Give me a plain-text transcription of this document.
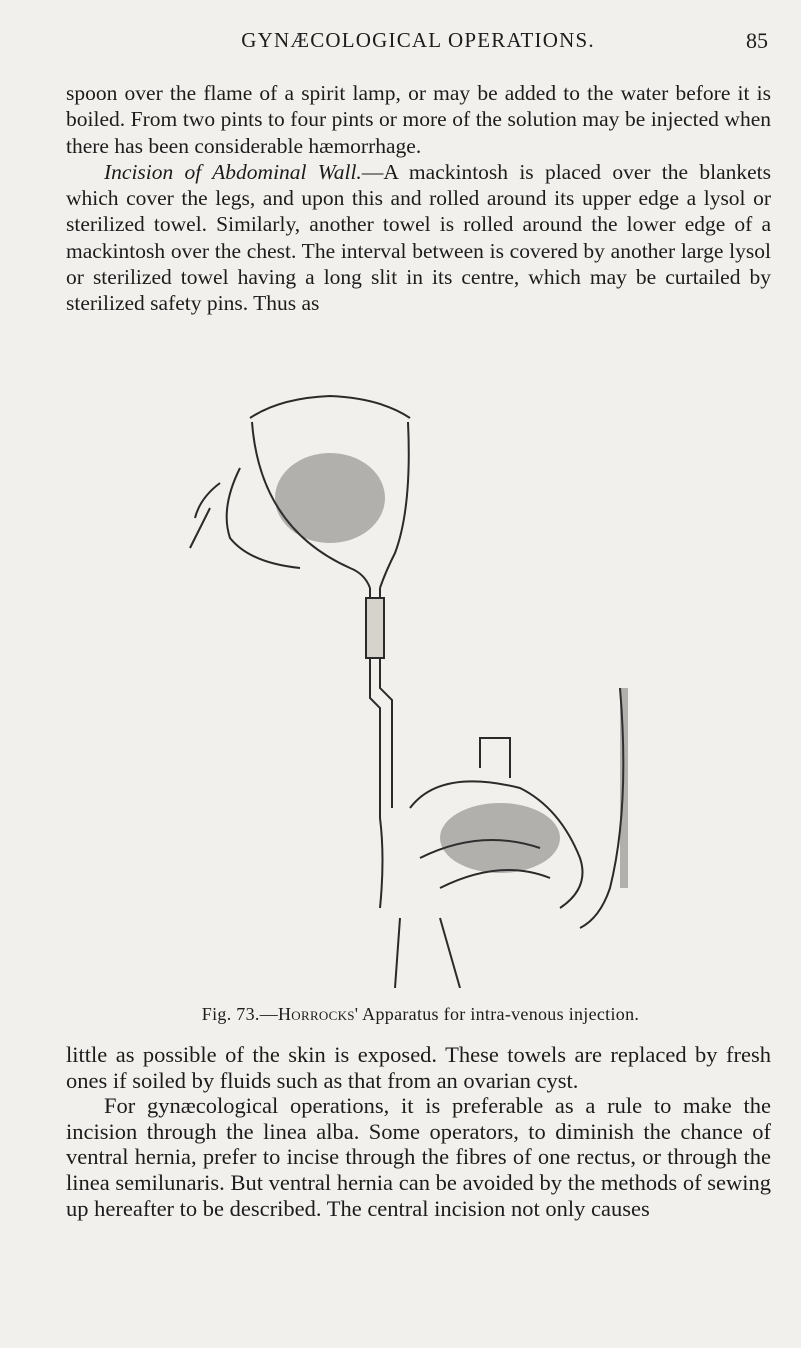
GYNÆCOLOGICAL OPERATIONS.	85

spoon over the flame of a spirit lamp, or may be added to the water before it is boiled. From two pints to four pints or more of the solution may be injected when there has been considerable hæmorrhage.

Incision of Abdominal Wall.—A mackintosh is placed over the blankets which cover the legs, and upon this and rolled around its upper edge a lysol or sterilized towel. Similarly, another towel is rolled around the lower edge of a mackintosh over the chest. The interval between is covered by another large lysol or sterilized towel having a long slit in its centre, which may be curtailed by sterilized safety pins. Thus as

Fig. 73.—Horrocks' Apparatus for intra-venous injection.

little as possible of the skin is exposed. These towels are replaced by fresh ones if soiled by fluids such as that from an ovarian cyst.

For gynæcological operations, it is preferable as a rule to make the incision through the linea alba. Some operators, to diminish the chance of ventral hernia, prefer to incise through the fibres of one rectus, or through the linea semilunaris. But ventral hernia can be avoided by the methods of sewing up hereafter to be described. The central incision not only causes
